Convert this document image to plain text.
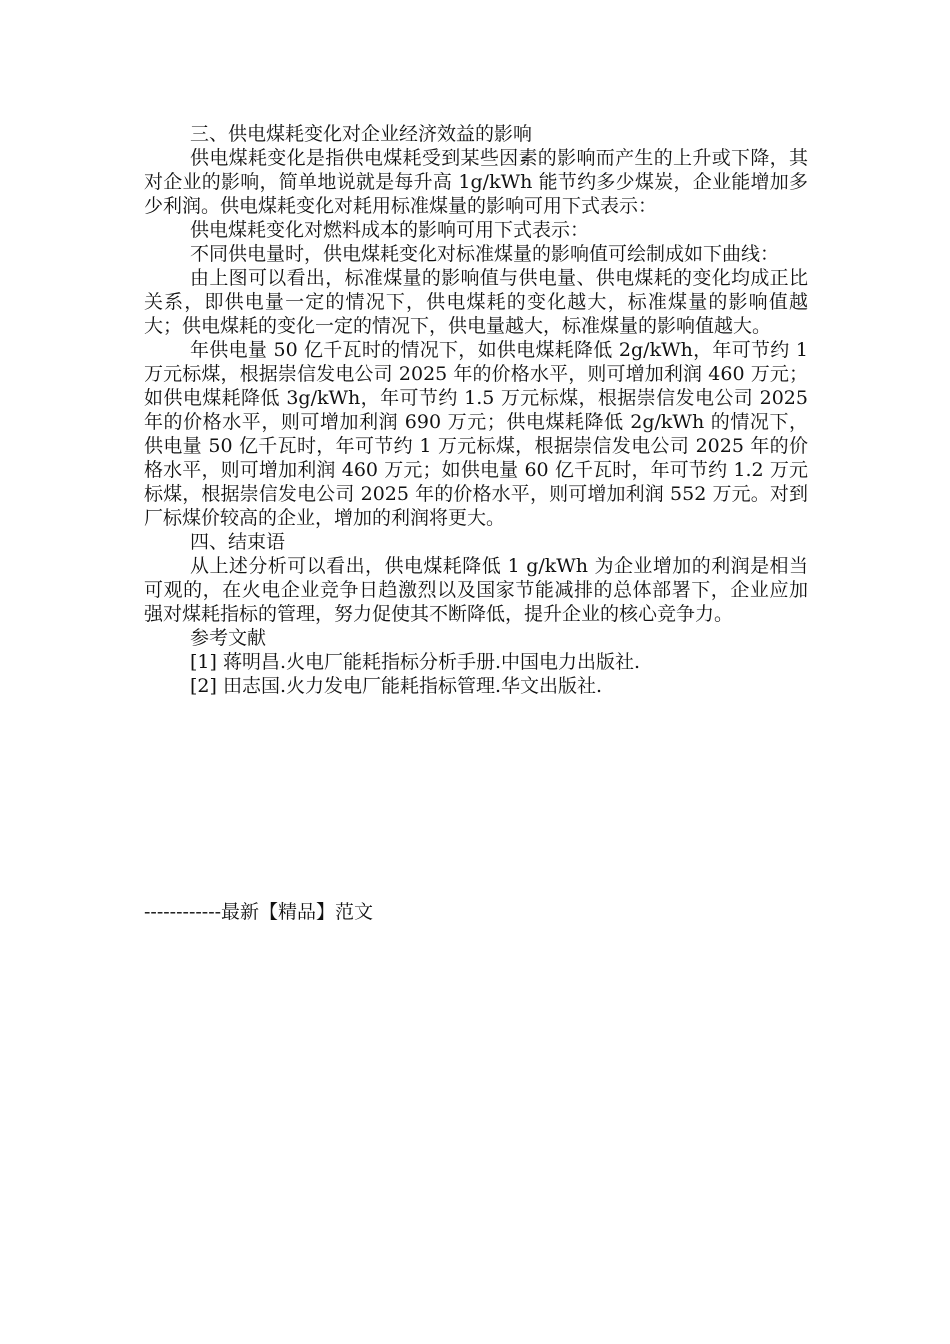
三、供电煤耗变化对企业经济效益的影响

供电煤耗变化是指供电煤耗受到某些因素的影响而产生的上升或下降，其对企业的影响，简单地说就是每升高 1g/kWh 能节约多少煤炭，企业能增加多少利润。供电煤耗变化对耗用标准煤量的影响可用下式表示：

供电煤耗变化对燃料成本的影响可用下式表示：

不同供电量时，供电煤耗变化对标准煤量的影响值可绘制成如下曲线：

由上图可以看出，标准煤量的影响值与供电量、供电煤耗的变化均成正比关系，即供电量一定的情况下，供电煤耗的变化越大，标准煤量的影响值越大；供电煤耗的变化一定的情况下，供电量越大，标准煤量的影响值越大。

年供电量 50 亿千瓦时的情况下，如供电煤耗降低 2g/kWh，年可节约 1 万元标煤，根据崇信发电公司 2025 年的价格水平，则可增加利润 460 万元；如供电煤耗降低 3g/kWh，年可节约 1.5 万元标煤，根据崇信发电公司 2025 年的价格水平，则可增加利润 690 万元；供电煤耗降低 2g/kWh 的情况下，供电量 50 亿千瓦时，年可节约 1 万元标煤，根据崇信发电公司 2025 年的价格水平，则可增加利润 460 万元；如供电量 60 亿千瓦时，年可节约 1.2 万元标煤，根据崇信发电公司 2025 年的价格水平，则可增加利润 552 万元。对到厂标煤价较高的企业，增加的利润将更大。

四、结束语

从上述分析可以看出，供电煤耗降低 1 g/kWh 为企业增加的利润是相当可观的，在火电企业竞争日趋激烈以及国家节能减排的总体部署下，企业应加强对煤耗指标的管理，努力促使其不断降低，提升企业的核心竞争力。

参考文献

[1] 蒋明昌.火电厂能耗指标分析手册.中国电力出版社.

[2] 田志国.火力发电厂能耗指标管理.华文出版社.

------------最新【精品】范文
